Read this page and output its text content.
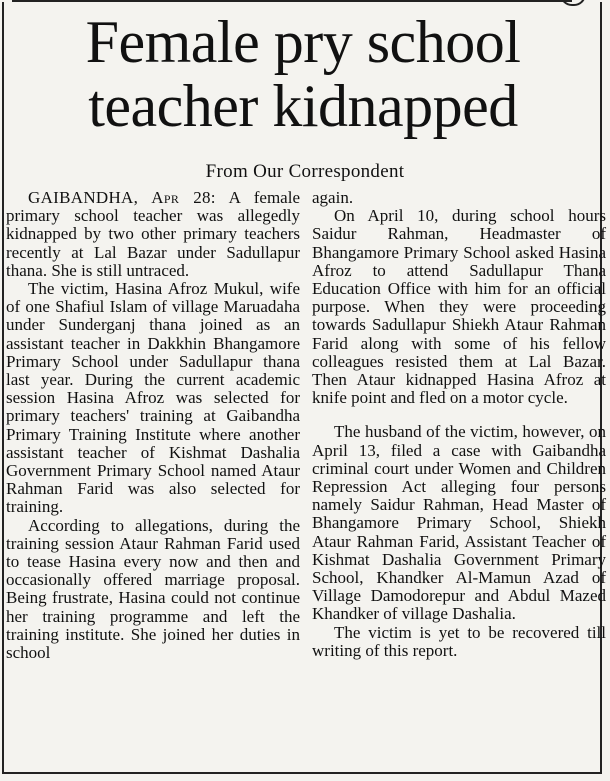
Female pry school
teacher kidnapped
From Our Correspondent

GAIBANDHA, Apr 28: A female primary school teacher was allegedly kidnapped by two other primary teachers recently at Lal Bazar under Sadullapur thana. She is still untraced.

The victim, Hasina Afroz Mukul, wife of one Shafiul Islam of village Maruadaha under Sunderganj thana joined as an assistant teacher in Dakkhin Bhangamore Primary School under Sadullapur thana last year. During the current academic session Hasina Afroz was selected for primary teachers' training at Gaibandha Primary Training Institute where another assistant teacher of Kishmat Dashalia Government Primary School named Ataur Rahman Farid was also selected for training.

According to allegations, during the training session Ataur Rahman Farid used to tease Hasina every now and then and occasionally offered marriage proposal. Being frustrate, Hasina could not continue her training programme and left the training institute. She joined her duties in school

again.

On April 10, during school hours Saidur Rahman, Headmaster of Bhangamore Primary School asked Hasina Afroz to attend Sadullapur Thana Education Office with him for an official purpose. When they were proceeding towards Sadullapur Shiekh Ataur Rahman Farid along with some of his fellow colleagues resisted them at Lal Bazar. Then Ataur kidnapped Hasina Afroz at knife point and fled on a motor cycle.

The husband of the victim, however, on April 13, filed a case with Gaibandha criminal court under Women and Children Repression Act alleging four persons namely Saidur Rahman, Head Master of Bhangamore Primary School, Shiekh Ataur Rahman Farid, Assistant Teacher of Kishmat Dashalia Government Primary School, Khandker Al-Mamun Azad of Village Damodorepur and Abdul Mazed Khandker of village Dashalia.

The victim is yet to be recovered till writing of this report.
